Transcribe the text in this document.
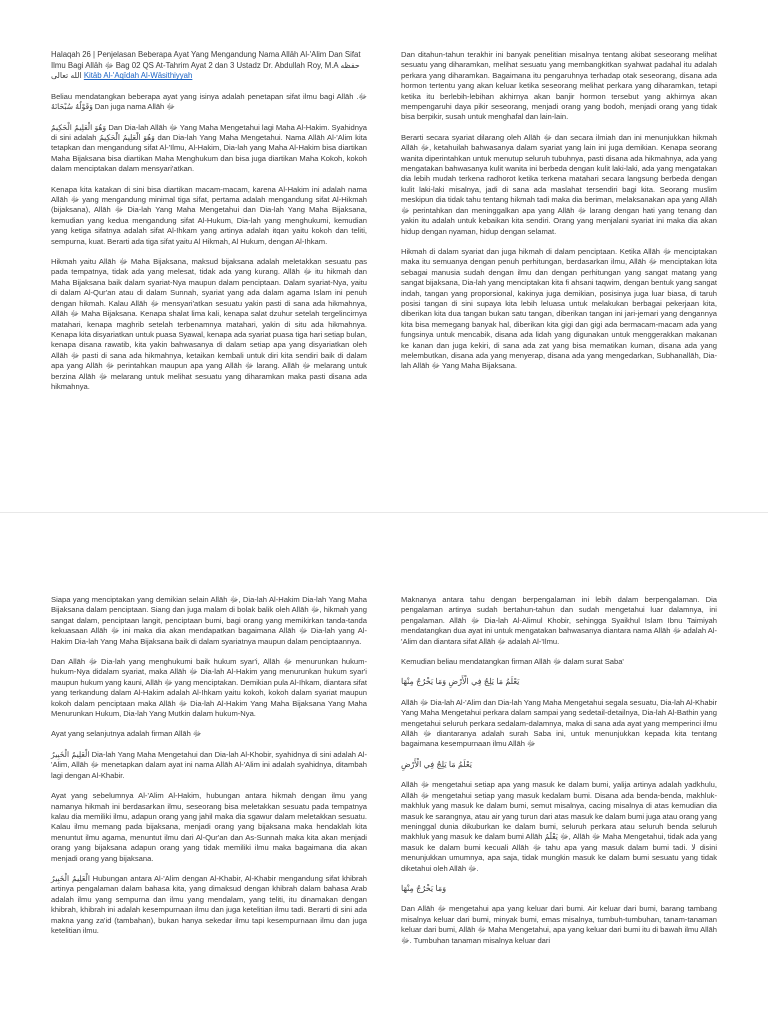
Halaqah 26 | Penjelasan Beberapa Ayat Yang Mengandung Nama Allāh Al-'Alim Dan Sifat Ilmu Bagi Allāh ﷻ Bag 02 QS At-Tahrim Ayat 2 dan 3 Ustadz Dr. Abdullah Roy, M.A حفظه الله تعالى Kitāb Al-'Aqīdah Al-Wāsithiyyah

Beliau mendatangkan beberapa ayat yang isinya adalah penetapan sifat ilmu bagi Allāh ﷻ. وَقَوْلُهُ سُبْحَانَهُ Dan juga nama Allāh ﷻ

وَهُوَ الْعَلِيمُ الْحَكِيمُ Dan Dia-lah Allāh ﷻ Yang Maha Mengetahui lagi Maha Al-Hakim. Syahidnya di sini adalah وَهُوَ الْعَلِيمُ الْحَكِيمُ dan Dia-lah Yang Maha Mengetahui. Nama Allāh Al-'Alim kita tetapkan dan mengandung sifat Al-'Ilmu, Al-Hakim, Dia-lah yang Maha Al-Hakim bisa diartikan Maha Bijaksana bisa diartikan Maha Menghukum dan bisa juga diartikan Maha Kokoh, kokoh dalam menciptakan dalam mensyari'atkan.

Kenapa kita katakan di sini bisa diartikan macam-macam, karena Al-Hakim ini adalah nama Allāh ﷻ yang mengandung minimal tiga sifat, pertama adalah mengandung sifat Al-Hikmah (bijaksana), Allāh ﷻ Dia-lah Yang Maha Mengetahui dan Dia-lah Yang Maha Bijaksana, kemudian yang kedua mengandung sifat Al-Hukum, Dia-lah yang menghukumi, kemudian yang ketiga sifatnya adalah sifat Al-Ihkam yang artinya adalah itqan yaitu kokoh dan teliti, sempurna, kuat. Berarti ada tiga sifat yaitu Al Hikmah, Al Hukum, dengan Al-Ihkam.

Hikmah yaitu Allāh ﷻ Maha Bijaksana, maksud bijaksana adalah meletakkan sesuatu pas pada tempatnya, tidak ada yang melesat, tidak ada yang kurang. Allāh ﷻ itu hikmah dan Maha Bijaksana baik dalam syariat-Nya maupun dalam penciptaan. Dalam syariat-Nya, yaitu di dalam Al-Qur'an atau di dalam Sunnah, syariat yang ada dalam agama Islam ini penuh dengan hikmah. Kalau Allāh ﷻ mensyari'atkan sesuatu yakin pasti di sana ada hikmahnya, Allāh ﷻ Maha Bijaksana. Kenapa shalat lima kali, kenapa salat dzuhur setelah tergelincirnya matahari, kenapa maghrib setelah terbenamnya matahari, yakin di situ ada hikmahnya. Kenapa kita disyariatkan untuk puasa Syawal, kenapa ada syariat puasa tiga hari setiap bulan, kenapa disana rawatib, kita yakin bahwasanya di dalam setiap apa yang disyariatkan oleh Allāh ﷻ pasti di sana ada hikmahnya, ketaikan kembali untuk diri kita sendiri baik di dalam apa yang Allāh ﷻ perintahkan maupun apa yang Allāh ﷻ larang. Allāh ﷻ melarang untuk berzina Allāh ﷻ melarang untuk melihat sesuatu yang diharamkan maka pasti disana ada hikmahnya.

Dan ditahun-tahun terakhir ini banyak penelitian misalnya tentang akibat seseorang melihat sesuatu yang diharamkan, melihat sesuatu yang membangkitkan syahwat padahal itu adalah perkara yang diharamkan. Bagaimana itu pengaruhnya terhadap otak seseorang, disana ada hormon tertentu yang akan keluar ketika seseorang melihat perkara yang diharamkan, tetapi ketika itu berlebih-lebihan akhirnya akan banjir hormon tersebut yang akhirnya akan mempengaruhi daya pikir seseorang, menjadi orang yang bodoh, menjadi orang yang tidak bisa berpikir, susah untuk menghafal dan lain-lain.

Berarti secara syariat dilarang oleh Allāh ﷻ dan secara ilmiah dan ini menunjukkan hikmah Allāh ﷻ, ketahuilah bahwasanya dalam syariat yang lain ini juga demikian. Kenapa seorang wanita diperintahkan untuk menutup seluruh tubuhnya, pasti disana ada hikmahnya, ada yang mengatakan bahwasanya kulit wanita ini berbeda dengan kulit laki-laki, ada yang mengatakan dia lebih mudah terkena radhorot ketika terkena matahari secara langsung berbeda dengan kulit laki-laki misalnya, jadi di sana ada maslahat tersendiri bagi kita. Seorang muslim meskipun dia tidak tahu tentang hikmah tadi maka dia beriman, melaksanakan apa yang Allāh ﷻ perintahkan dan meninggalkan apa yang Allāh ﷻ larang dengan hati yang tenang dan yakin itu adalah untuk kebaikan kita sendiri. Orang yang menjalani syariat ini maka dia akan hidup dengan nyaman, hidup dengan selamat.

Hikmah di dalam syariat dan juga hikmah di dalam penciptaan. Ketika Allāh ﷻ menciptakan maka itu semuanya dengan penuh perhitungan, berdasarkan ilmu, Allāh ﷻ menciptakan kita sebagai manusia sudah dengan ilmu dan dengan perhitungan yang sangat matang yang sangat bijaksana, Dia-lah yang menciptakan kita fi ahsani taqwim, dengan bentuk yang sangat indah, tangan yang proporsional, kakinya juga demikian, posisinya juga luar biasa, di taruh posisi tangan di sini supaya kita lebih leluasa untuk melakukan berbagai pekerjaan kita, diberikan kita dua tangan bukan satu tangan, diberikan tangan ini jari-jemari yang dengannya kita bisa memegang banyak hal, diberikan kita gigi dan gigi ada bermacam-macam ada yang fungsinya untuk mencabik, disana ada lidah yang digunakan untuk menggerakkan makanan ke kanan dan juga kekiri, di sana ada zat yang bisa mematikan kuman, disana ada yang melembutkan, disana ada yang menyerap, disana ada yang mengedarkan, Subhanallāh, Dia-lah Allāh ﷻ Yang Maha Bijaksana.

Siapa yang menciptakan yang demikian selain Allāh ﷻ, Dia-lah Al-Hakim Dia-lah Yang Maha Bijaksana dalam penciptaan. Siang dan juga malam di bolak balik oleh Allāh ﷻ, hikmah yang sangat dalam, penciptaan langit, penciptaan bumi, bagi orang yang memikirkan tanda-tanda kekuasaan Allāh ﷻ ini maka dia akan mendapatkan bagaimana Allāh ﷻ Dia-lah yang Al-Hakim Dia-lah Yang Maha Bijaksana baik di dalam syariatnya maupun dalam penciptaannya.

Dan Allāh ﷻ Dia-lah yang menghukumi baik hukum syar'i, Allāh ﷻ menurunkan hukum-hukum-Nya didalam syariat, maka Allāh ﷻ Dia-lah Al-Hakim yang menurunkan hukum syar'i maupun hukum yang kauni, Allāh ﷻ yang menciptakan. Demikian pula Al-Ihkam, diantara sifat yang terkandung dalam Al-Hakim adalah Al-Ihkam yaitu kokoh, kokoh dalam syariat maupun kokoh dalam penciptaan maka Allāh ﷻ Dia-lah Al-Hakim Yang Maha Bijaksana Yang Maha Menurunkan Hukum, Dia-lah Yang Mutkin dalam hukum-Nya.

Ayat yang selanjutnya adalah firman Allāh ﷻ

الْعَلِيمُ الْخَبِيرُ Dia-lah Yang Maha Mengetahui dan Dia-lah Al-Khobir, syahidnya di sini adalah Al-'Alim, Allāh ﷻ menetapkan dalam ayat ini nama Allāh Al-'Alim ini adalah syahidnya, ditambah lagi dengan Al-Khabir.

Ayat yang sebelumnya Al-'Alim Al-Hakim, hubungan antara hikmah dengan ilmu yang namanya hikmah ini berdasarkan ilmu, seseorang bisa meletakkan sesuatu pada tempatnya kalau dia memiliki ilmu, adapun orang yang jahil maka dia sgawur dalam meletakkan sesuatu. Kalau ilmu memang pada bijaksana, menjadi orang yang bijaksana maka hendaklah kita menuntut ilmu agama, menuntut ilmu dari Al-Qur'an dan As-Sunnah maka kita akan menjadi orang yang bijaksana adapun orang yang tidak memiliki ilmu maka bagaimana dia akan menjadi orang yang bijaksana.

الْعَلِيمُ الْخَبِيرُ Hubungan antara Al-'Alim dengan Al-Khabir, Al-Khabir mengandung sifat khibrah artinya pengalaman dalam bahasa kita, yang dimaksud dengan khibrah dalam bahasa Arab adalah ilmu yang sempurna dan ilmu yang mendalam, yang teliti, itu dinamakan dengan khibrah, khibrah ini adalah kesempurnaan ilmu dan juga ketelitian ilmu tadi. Berarti di sini ada makna yang za'id (tambahan), bukan hanya sekedar ilmu tapi kesempurnaan ilmu dan juga ketelitian ilmu.

Maknanya antara tahu dengan berpengalaman ini lebih dalam berpengalaman. Dia pengalaman artinya sudah bertahun-tahun dan sudah mengetahui luar dalamnya, ini pengalaman. Allāh ﷻ Dia-lah Al-Alimul Khobir, sehingga Syaikhul Islam Ibnu Taimiyah mendatangkan dua ayat ini untuk mengatakan bahwasanya diantara nama Allāh ﷻ adalah Al-'Alim dan diantara sifat Allāh ﷻ adalah Al-'Ilmu.

Kemudian beliau mendatangkan firman Allāh ﷻ dalam surat Saba'

يَعْلَمُ مَا يَلِجُ فِي الْأَرْضِ وَمَا يَخْرُجُ مِنْهَا

Allāh ﷻ Dia-lah Al-'Alim dan Dia-lah Yang Maha Mengetahui segala sesuatu, Dia-lah Al-Khabir Yang Maha Mengetahui perkara dalam sampai yang sedetail-detailnya, Dia-lah Al-Bathin yang mengetahui seluruh perkara sedalam-dalamnya, maka di sana ada ayat yang memperinci ilmu Allāh ﷻ diantaranya adalah surah Saba ini, untuk menunjukkan kepada kita tentang bagaimana kesempurnaan ilmu Allāh ﷻ

يَعْلَمُ مَا يَلِجُ فِي الْأَرْضِ

Allāh ﷻ mengetahui setiap apa yang masuk ke dalam bumi, yalija artinya adalah yadkhulu, Allāh ﷻ mengetahui setiap yang masuk kedalam bumi. Disana ada benda-benda, makhluk-makhluk yang masuk ke dalam bumi, semut misalnya, cacing misalnya di atas kemudian dia masuk ke sarangnya, atau air yang turun dari atas masuk ke dalam bumi juga atau orang yang meninggal dunia dikuburkan ke dalam bumi, seluruh perkara atau seluruh benda seluruh makhluk yang masuk ke dalam bumi Allāh ﷻ يَعْلَمُ, Allāh ﷻ Maha Mengetahui, tidak ada yang masuk ke dalam bumi kecuali Allāh ﷻ tahu apa yang masuk dalam bumi tadi. لا disini menunjukkan umumnya, apa saja, tidak mungkin masuk ke dalam bumi sesuatu yang tidak diketahui oleh Allāh ﷻ.

وَمَا يَخْرُجُ مِنْهَا

Dan Allāh ﷻ mengetahui apa yang keluar dari bumi. Air keluar dari bumi, barang tambang misalnya keluar dari bumi, minyak bumi, emas misalnya, tumbuh-tumbuhan, tanam-tanaman keluar dari bumi, Allāh ﷻ Maha Mengetahui, apa yang keluar dari bumi itu di bawah ilmu Allāh ﷻ. Tumbuhan tanaman misalnya keluar dari
